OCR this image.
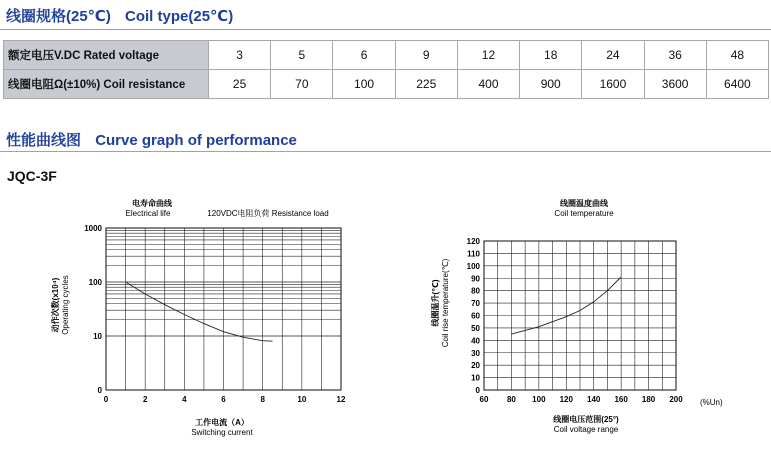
线圈规格(25℃) Coil type(25℃)
额定电压V.DC Rated voltage	3	5	6	9	12	18	24	36	48
线圈电阻Ω(±10%) Coil resistance	25	70	100	225	400	900	1600	3600	6400
性能曲线图 Curve graph of performance
JQC-3F
0	2	4	6	8	10	12
0
10
100
1000
电寿命曲线
Electrical life	120VDC电阻负荷 Resistance load
工作电流（A）
Switching current
动作次数(x10⁴) Operating cycles
60 80 100 120 140 160 180 200
0
10
20
30
40
50
60
70
80
90
100
110
120
线圈温度曲线
Coil temperature
线圈电压范围(25°)
Coil voltage range
(%Un)
线圈温升(℃) Coil rise temperature(℃)
